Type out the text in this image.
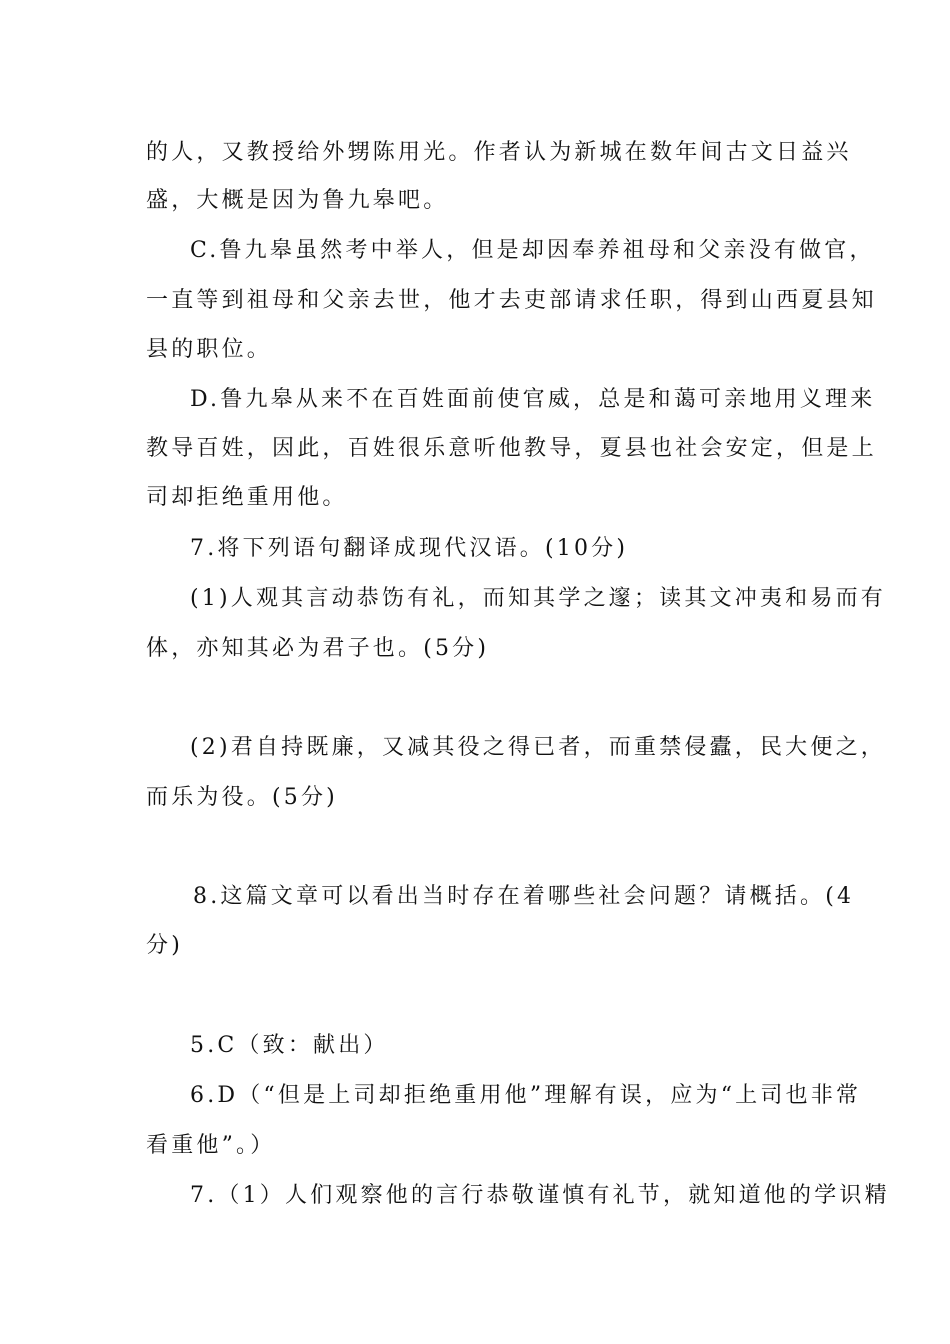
的人，又教授给外甥陈用光。作者认为新城在数年间古文日益兴
盛，大概是因为鲁九皋吧。
C.鲁九皋虽然考中举人，但是却因奉养祖母和父亲没有做官，
一直等到祖母和父亲去世，他才去吏部请求任职，得到山西夏县知
县的职位。
D.鲁九皋从来不在百姓面前使官威，总是和蔼可亲地用义理来
教导百姓，因此，百姓很乐意听他教导，夏县也社会安定，但是上
司却拒绝重用他。
7.将下列语句翻译成现代汉语。(10分)
(1)人观其言动恭饬有礼，而知其学之邃；读其文冲夷和易而有
体，亦知其必为君子也。(5分)
(2)君自持既廉，又减其役之得已者，而重禁侵蠹，民大便之，
而乐为役。(5分)
8.这篇文章可以看出当时存在着哪些社会问题？请概括。(4
分)
5.C（致：献出）
6.D（“但是上司却拒绝重用他”理解有误，应为“上司也非常
看重他”。）
7.（1）人们观察他的言行恭敬谨慎有礼节，就知道他的学识精
